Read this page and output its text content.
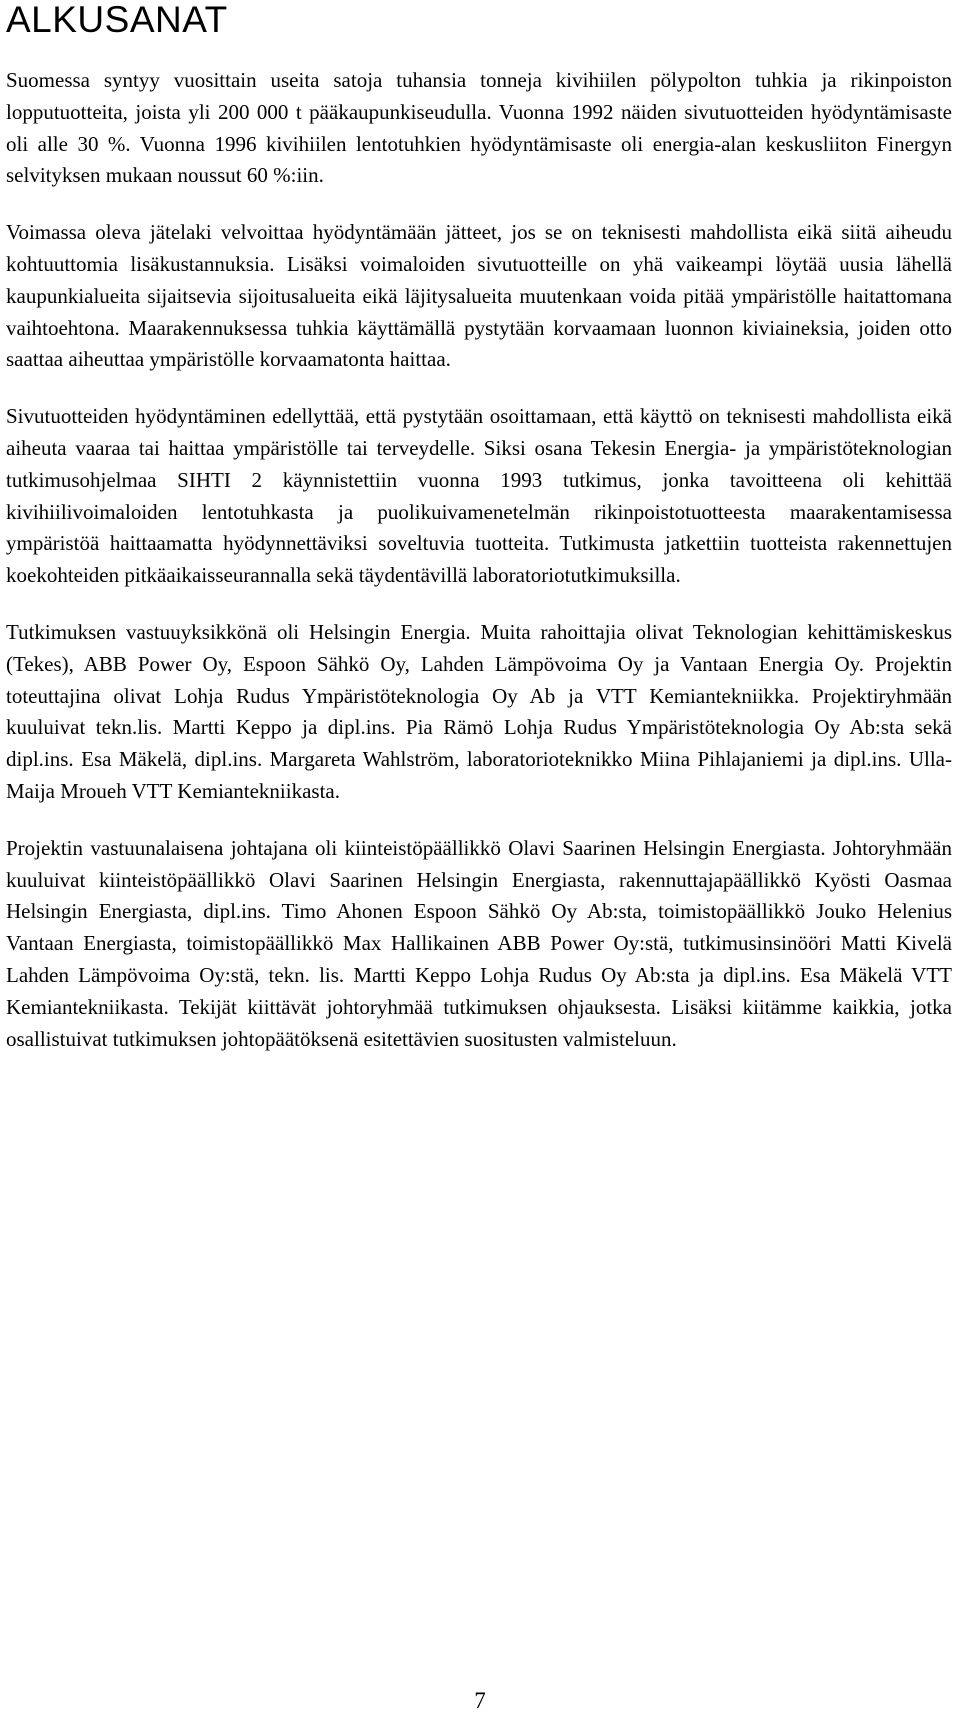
ALKUSANAT

Suomessa syntyy vuosittain useita satoja tuhansia tonneja kivihiilen pölypolton tuhkia ja rikinpoiston lopputuotteita, joista yli 200 000 t pääkaupunkiseudulla. Vuonna 1992 näiden sivutuotteiden hyödyntämisaste oli alle 30 %. Vuonna 1996 kivihiilen lentotuhkien hyödyntämisaste oli energia-alan keskusliiton Finergyn selvityksen mukaan noussut 60 %:iin.

Voimassa oleva jätelaki velvoittaa hyödyntämään jätteet, jos se on teknisesti mahdollista eikä siitä aiheudu kohtuuttomia lisäkustannuksia. Lisäksi voimaloiden sivutuotteille on yhä vaikeampi löytää uusia lähellä kaupunkialueita sijaitsevia sijoitusalueita eikä läjitysalueita muutenkaan voida pitää ympäristölle haitattomana vaihtoehtona. Maarakennuksessa tuhkia käyttämällä pystytään korvaamaan luonnon kiviaineksia, joiden otto saattaa aiheuttaa ympäristölle korvaamatonta haittaa.

Sivutuotteiden hyödyntäminen edellyttää, että pystytään osoittamaan, että käyttö on teknisesti mahdollista eikä aiheuta vaaraa tai haittaa ympäristölle tai terveydelle. Siksi osana Tekesin Energia- ja ympäristöteknologian tutkimusohjelmaa SIHTI 2 käynnistettiin vuonna 1993 tutkimus, jonka tavoitteena oli kehittää kivihiilivoimaloiden lentotuhkasta ja puolikuivamenetelmän rikinpoistotuotteesta maarakentamisessa ympäristöä haittaamatta hyödynnettäviksi soveltuvia tuotteita. Tutkimusta jatkettiin tuotteista rakennettujen koekohteiden pitkäaikaisseurannalla sekä täydentävillä laboratoriotutkimuksilla.

Tutkimuksen vastuuyksikkönä oli Helsingin Energia. Muita rahoittajia olivat Teknologian kehittämiskeskus (Tekes), ABB Power Oy, Espoon Sähkö Oy, Lahden Lämpövoima Oy ja Vantaan Energia Oy. Projektin toteuttajina olivat Lohja Rudus Ympäristöteknologia Oy Ab ja VTT Kemiantekniikka. Projektiryhmään kuuluivat tekn.lis. Martti Keppo ja dipl.ins. Pia Rämö Lohja Rudus Ympäristöteknologia Oy Ab:sta sekä dipl.ins. Esa Mäkelä, dipl.ins. Margareta Wahlström, laboratorioteknikko Miina Pihlajaniemi ja dipl.ins. Ulla-Maija Mroueh VTT Kemiantekniikasta.

Projektin vastuunalaisena johtajana oli kiinteistöpäällikkö Olavi Saarinen Helsingin Energiasta. Johtoryhmään kuuluivat kiinteistöpäällikkö Olavi Saarinen Helsingin Energiasta, rakennuttajapäällikkö Kyösti Oasmaa Helsingin Energiasta, dipl.ins. Timo Ahonen Espoon Sähkö Oy Ab:sta, toimistopäällikkö Jouko Helenius Vantaan Energiasta, toimistopäällikkö Max Hallikainen ABB Power Oy:stä, tutkimusinsinööri Matti Kivelä Lahden Lämpövoima Oy:stä, tekn. lis. Martti Keppo Lohja Rudus Oy Ab:sta ja dipl.ins. Esa Mäkelä VTT Kemiantekniikasta. Tekijät kiittävät johtoryhmää tutkimuksen ohjauksesta. Lisäksi kiitämme kaikkia, jotka osallistuivat tutkimuksen johtopäätöksenä esitettävien suositusten valmisteluun.

7
